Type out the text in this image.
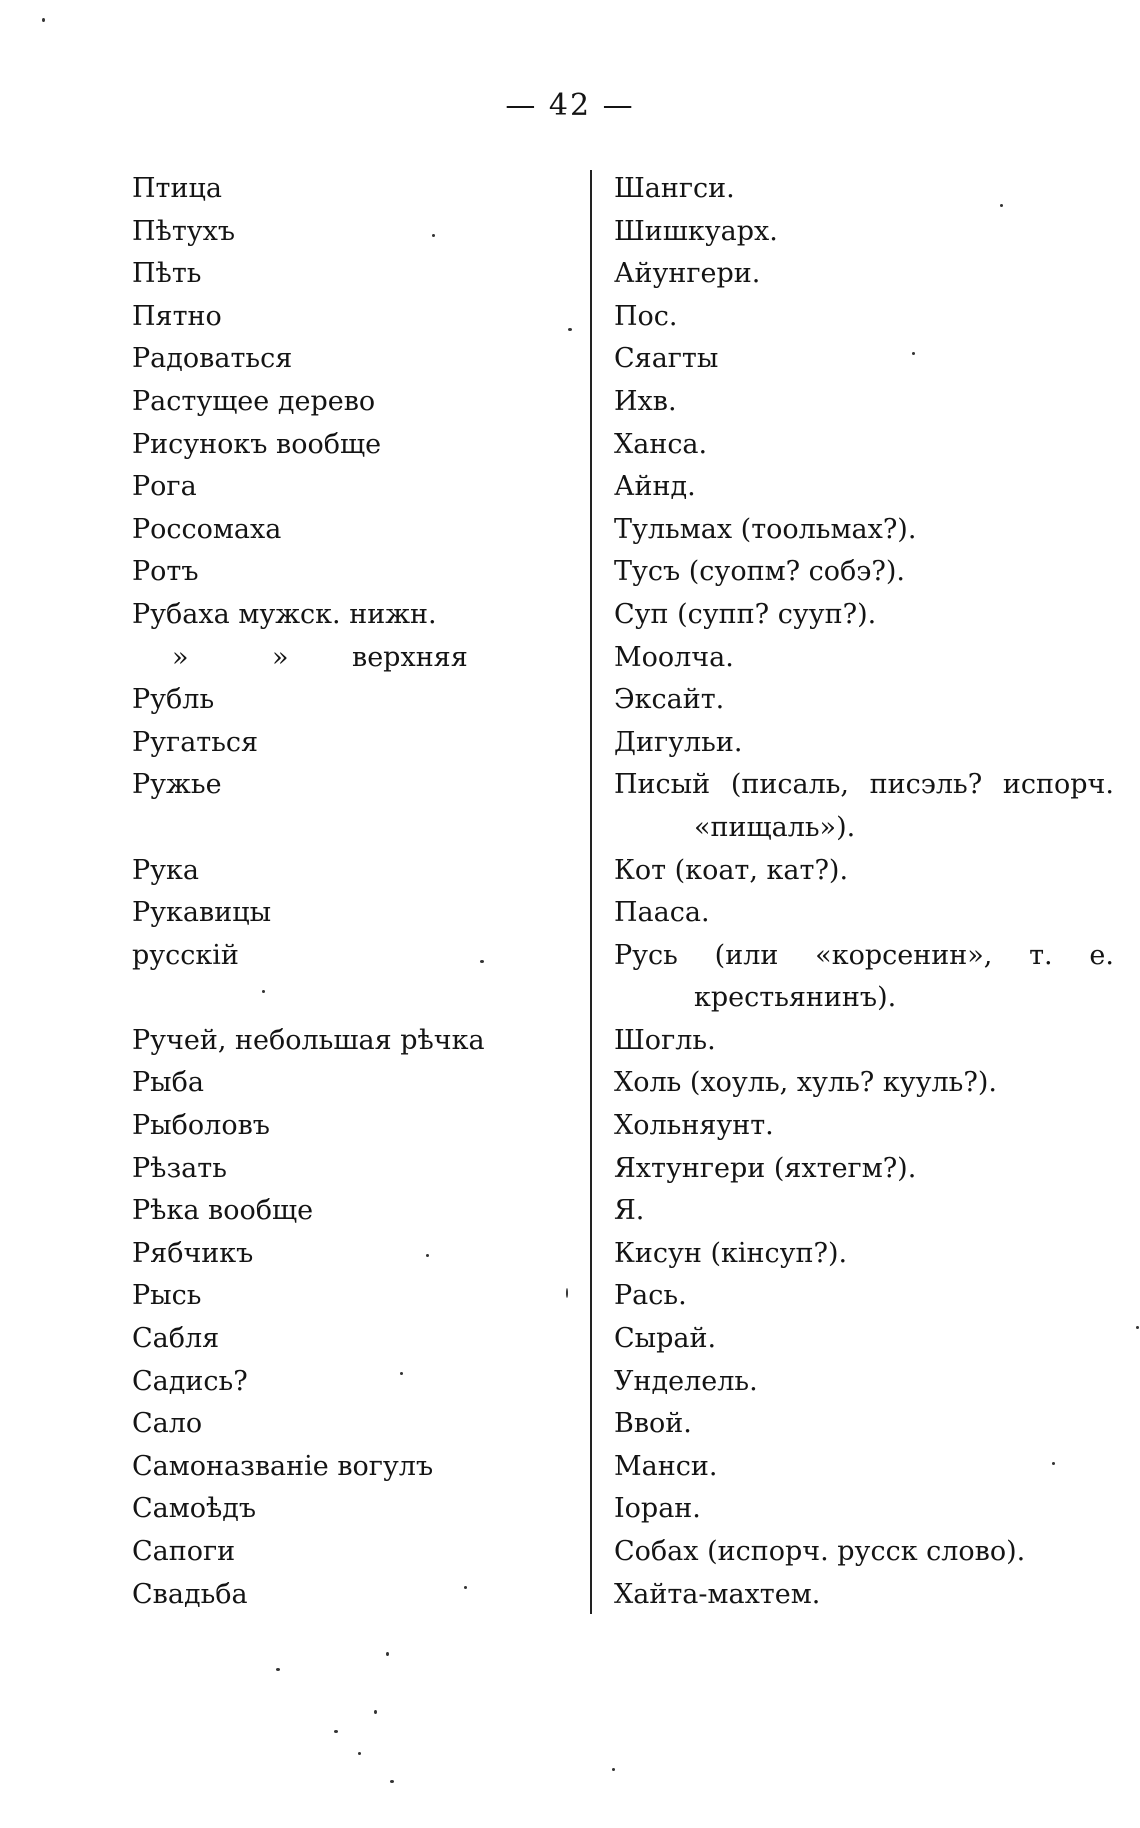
— 42 —
Птица
Пѣтухъ
Пѣть
Пятно
Радоваться
Растущее дерево
Рисунокъ вообще
Рога
Россомаха
Ротъ
Рубаха мужск. нижн.
»	» верхняя
Рубль
Ругаться
Ружье
Рука
Рукавицы
русскій
Ручей, небольшая рѣчка
Рыба
Рыболовъ
Рѣзать
Рѣка вообще
Рябчикъ
Рысь
Сабля
Садись?
Сало
Самоназваніе вогулъ
Самоѣдъ
Сапоги
Свадьба
Шангси.
Шишкуарх.
Айунгери.
Пос.
Сяагты
Ихв.
Ханса.
Айнд.
Тульмах (тоольмах?).
Тусъ (суопм? собэ?).
Суп (супп? сууп?).
Моолча.
Эксайт.
Дигульи.
Писый (писаль, писэль? испорч. «пищаль»).
Кот (коат, кат?).
Пааса.
Русь (или «корсенин», т. е. крестьянинъ).
Шогль.
Холь (хоуль, хуль? кууль?).
Хольняунт.
Яхтунгери (яхтегм?).
Я.
Кисун (кінсуп?).
Рась.
Сырай.
Унделель.
Ввой.
Манси.
Іоран.
Собах (испорч. русск слово).
Хайта-махтем.
